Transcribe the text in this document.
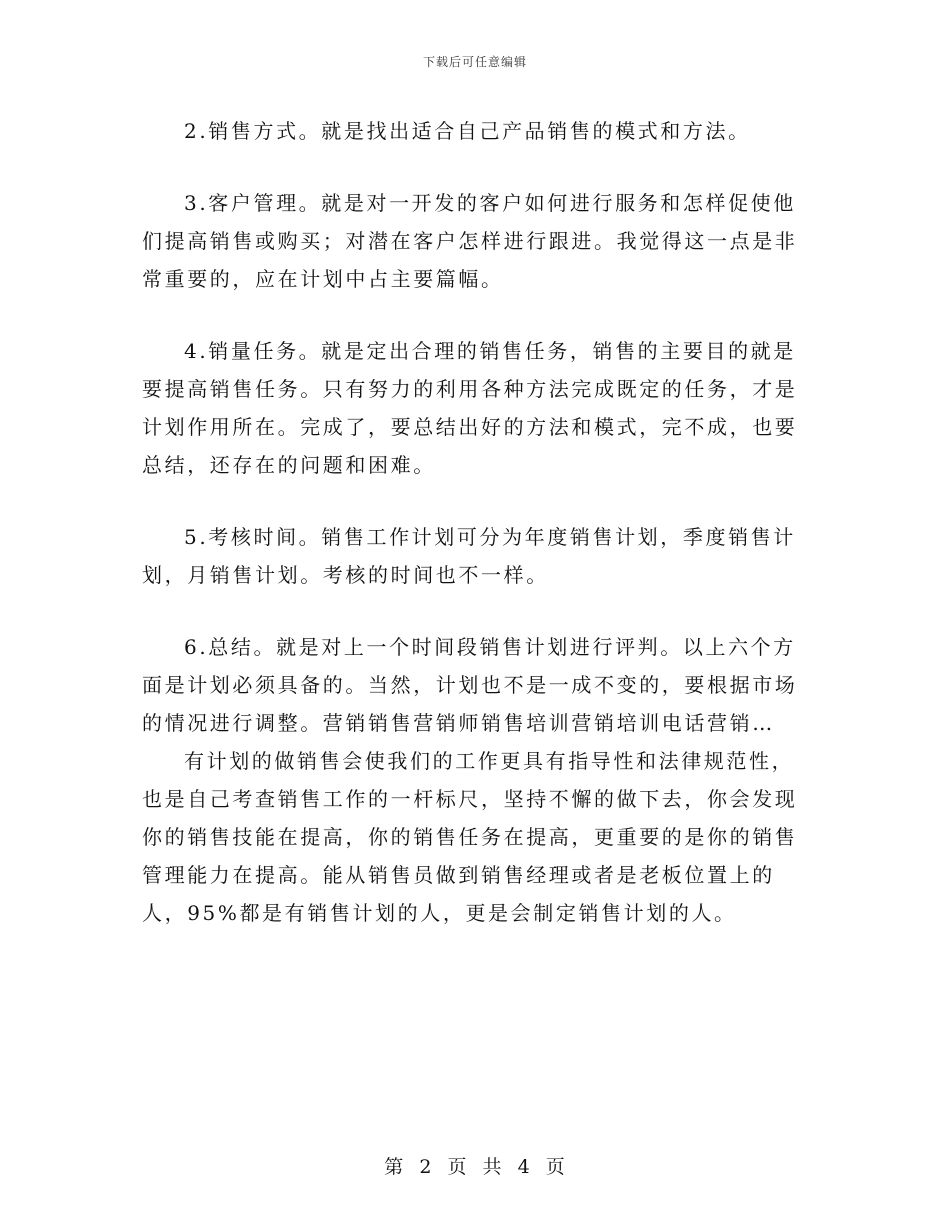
下载后可任意编辑

2.销售方式。就是找出适合自己产品销售的模式和方法。

3.客户管理。就是对一开发的客户如何进行服务和怎样促使他们提高销售或购买；对潜在客户怎样进行跟进。我觉得这一点是非常重要的，应在计划中占主要篇幅。

4.销量任务。就是定出合理的销售任务，销售的主要目的就是要提高销售任务。只有努力的利用各种方法完成既定的任务，才是计划作用所在。完成了，要总结出好的方法和模式，完不成，也要总结，还存在的问题和困难。

5.考核时间。销售工作计划可分为年度销售计划，季度销售计划，月销售计划。考核的时间也不一样。

6.总结。就是对上一个时间段销售计划进行评判。以上六个方面是计划必须具备的。当然，计划也不是一成不变的，要根据市场的情况进行调整。营销销售营销师销售培训营销培训电话营销…

有计划的做销售会使我们的工作更具有指导性和法律规范性，也是自己考查销售工作的一杆标尺，坚持不懈的做下去，你会发现你的销售技能在提高，你的销售任务在提高，更重要的是你的销售管理能力在提高。能从销售员做到销售经理或者是老板位置上的人，95%都是有销售计划的人，更是会制定销售计划的人。

第 2 页 共 4 页
